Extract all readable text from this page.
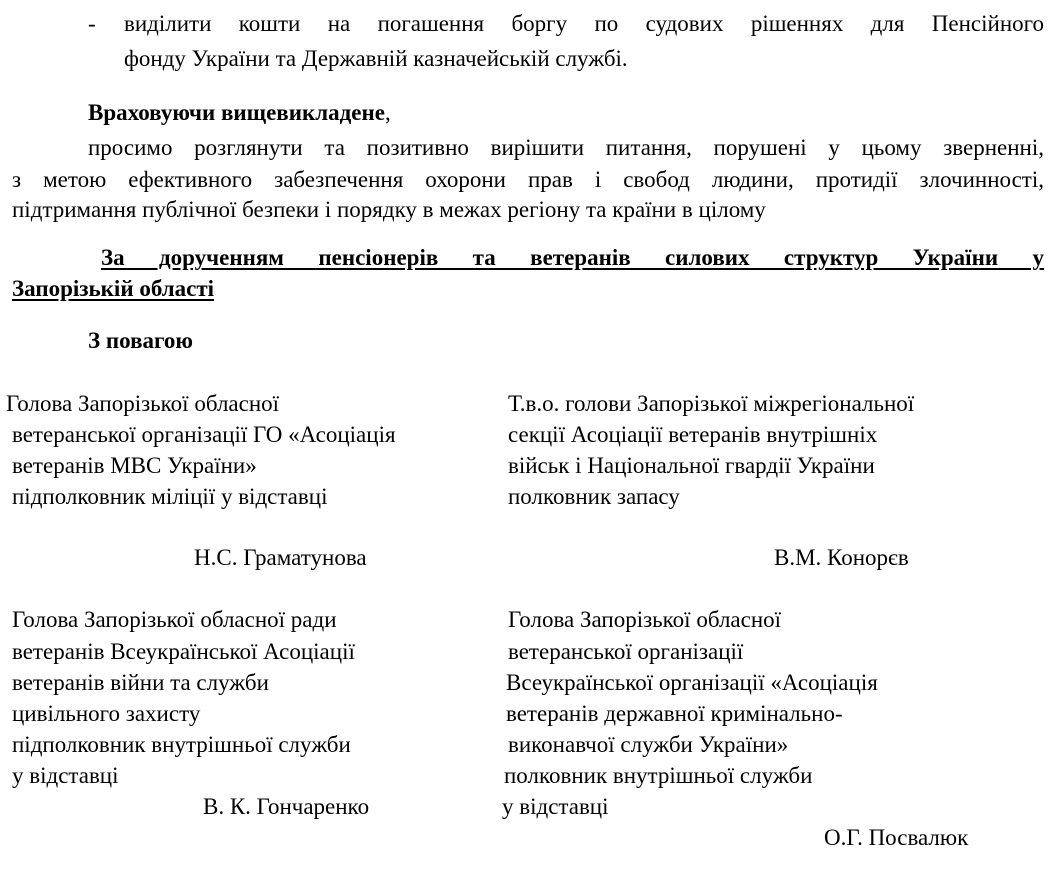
- виділити кошти на погашення боргу по судових рішеннях для Пенсійного
фонду України та Державній казначейській службі.
Враховуючи вищевикладене,
просимо розглянути та позитивно вирішити питання, порушені у цьому зверненні,
з метою ефективного забезпечення охорони прав і свобод людини, протидії злочинності,
підтримання публічної безпеки і порядку в межах регіону та країни в цілому
За дорученням пенсіонерів та ветеранів силових структур України у
Запорізькій області
З повагою
Голова Запорізької обласної
ветеранської організації ГО «Асоціація
ветеранів МВС України»
підполковник міліції у відставці
Н.С. Граматунова
Т.в.о. голови Запорізької міжрегіональної
секції Асоціації ветеранів внутрішніх
військ і Національної гвардії України
полковник запасу
В.М. Конорєв
Голова Запорізької обласної ради
ветеранів Всеукраїнської Асоціації
ветеранів війни та служби
цивільного захисту
підполковник внутрішньої служби
у відставці
В. К. Гончаренко
Голова Запорізької обласної
ветеранської організації
Всеукраїнської організації «Асоціація
ветеранів державної кримінально-
виконавчої служби України»
полковник внутрішньої служби
у відставці
О.Г. Посвалюк
